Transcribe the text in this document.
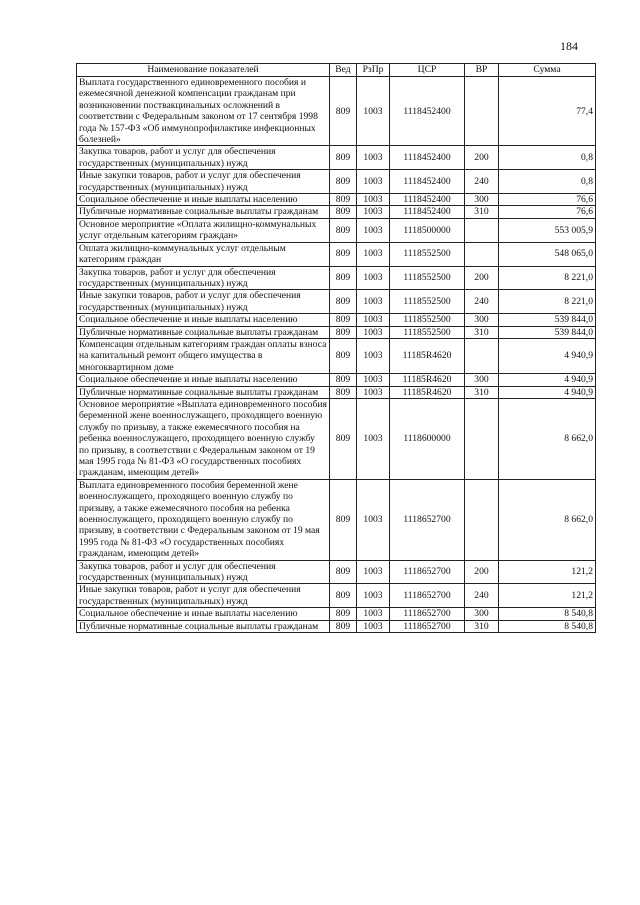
184
Наименование показателей	Вед	РзПр	ЦСР	ВР	Сумма
Выплата государственного единовременного пособия и ежемесячной денежной компенсации гражданам при возникновении поствакцинальных осложнений в соответствии с Федеральным законом от 17 сентября 1998 года № 157-ФЗ «Об иммунопрофилактике инфекционных болезней»	809	1003	1118452400		77,4
Закупка товаров, работ и услуг для обеспечения государственных (муниципальных) нужд	809	1003	1118452400	200	0,8
Иные закупки товаров, работ и услуг для обеспечения государственных (муниципальных) нужд	809	1003	1118452400	240	0,8
Социальное обеспечение и иные выплаты населению	809	1003	1118452400	300	76,6
Публичные нормативные социальные выплаты гражданам	809	1003	1118452400	310	76,6
Основное мероприятие «Оплата жилищно-коммунальных услуг отдельным категориям граждан»	809	1003	1118500000		553 005,9
Оплата жилищно-коммунальных услуг отдельным категориям граждан	809	1003	1118552500		548 065,0
Закупка товаров, работ и услуг для обеспечения государственных (муниципальных) нужд	809	1003	1118552500	200	8 221,0
Иные закупки товаров, работ и услуг для обеспечения государственных (муниципальных) нужд	809	1003	1118552500	240	8 221,0
Социальное обеспечение и иные выплаты населению	809	1003	1118552500	300	539 844,0
Публичные нормативные социальные выплаты гражданам	809	1003	1118552500	310	539 844,0
Компенсация отдельным категориям граждан оплаты взноса на капитальный ремонт общего имущества в многоквартирном доме	809	1003	11185R4620		4 940,9
Социальное обеспечение и иные выплаты населению	809	1003	11185R4620	300	4 940,9
Публичные нормативные социальные выплаты гражданам	809	1003	11185R4620	310	4 940,9
Основное мероприятие «Выплата единовременного пособия беременной жене военнослужащего, проходящего военную службу по призыву, а также ежемесячного пособия на ребенка военнослужащего, проходящего военную службу по призыву, в соответствии с Федеральным законом от 19 мая 1995 года № 81-ФЗ «О государственных пособиях гражданам, имеющим детей»	809	1003	1118600000		8 662,0
Выплата единовременного пособия беременной жене военнослужащего, проходящего военную службу по призыву, а также ежемесячного пособия на ребенка военнослужащего, проходящего военную службу по призыву, в соответствии с Федеральным законом от 19 мая 1995 года № 81-ФЗ «О государственных пособиях гражданам, имеющим детей»	809	1003	1118652700		8 662,0
Закупка товаров, работ и услуг для обеспечения государственных (муниципальных) нужд	809	1003	1118652700	200	121,2
Иные закупки товаров, работ и услуг для обеспечения государственных (муниципальных) нужд	809	1003	1118652700	240	121,2
Социальное обеспечение и иные выплаты населению	809	1003	1118652700	300	8 540,8
Публичные нормативные социальные выплаты гражданам	809	1003	1118652700	310	8 540,8
